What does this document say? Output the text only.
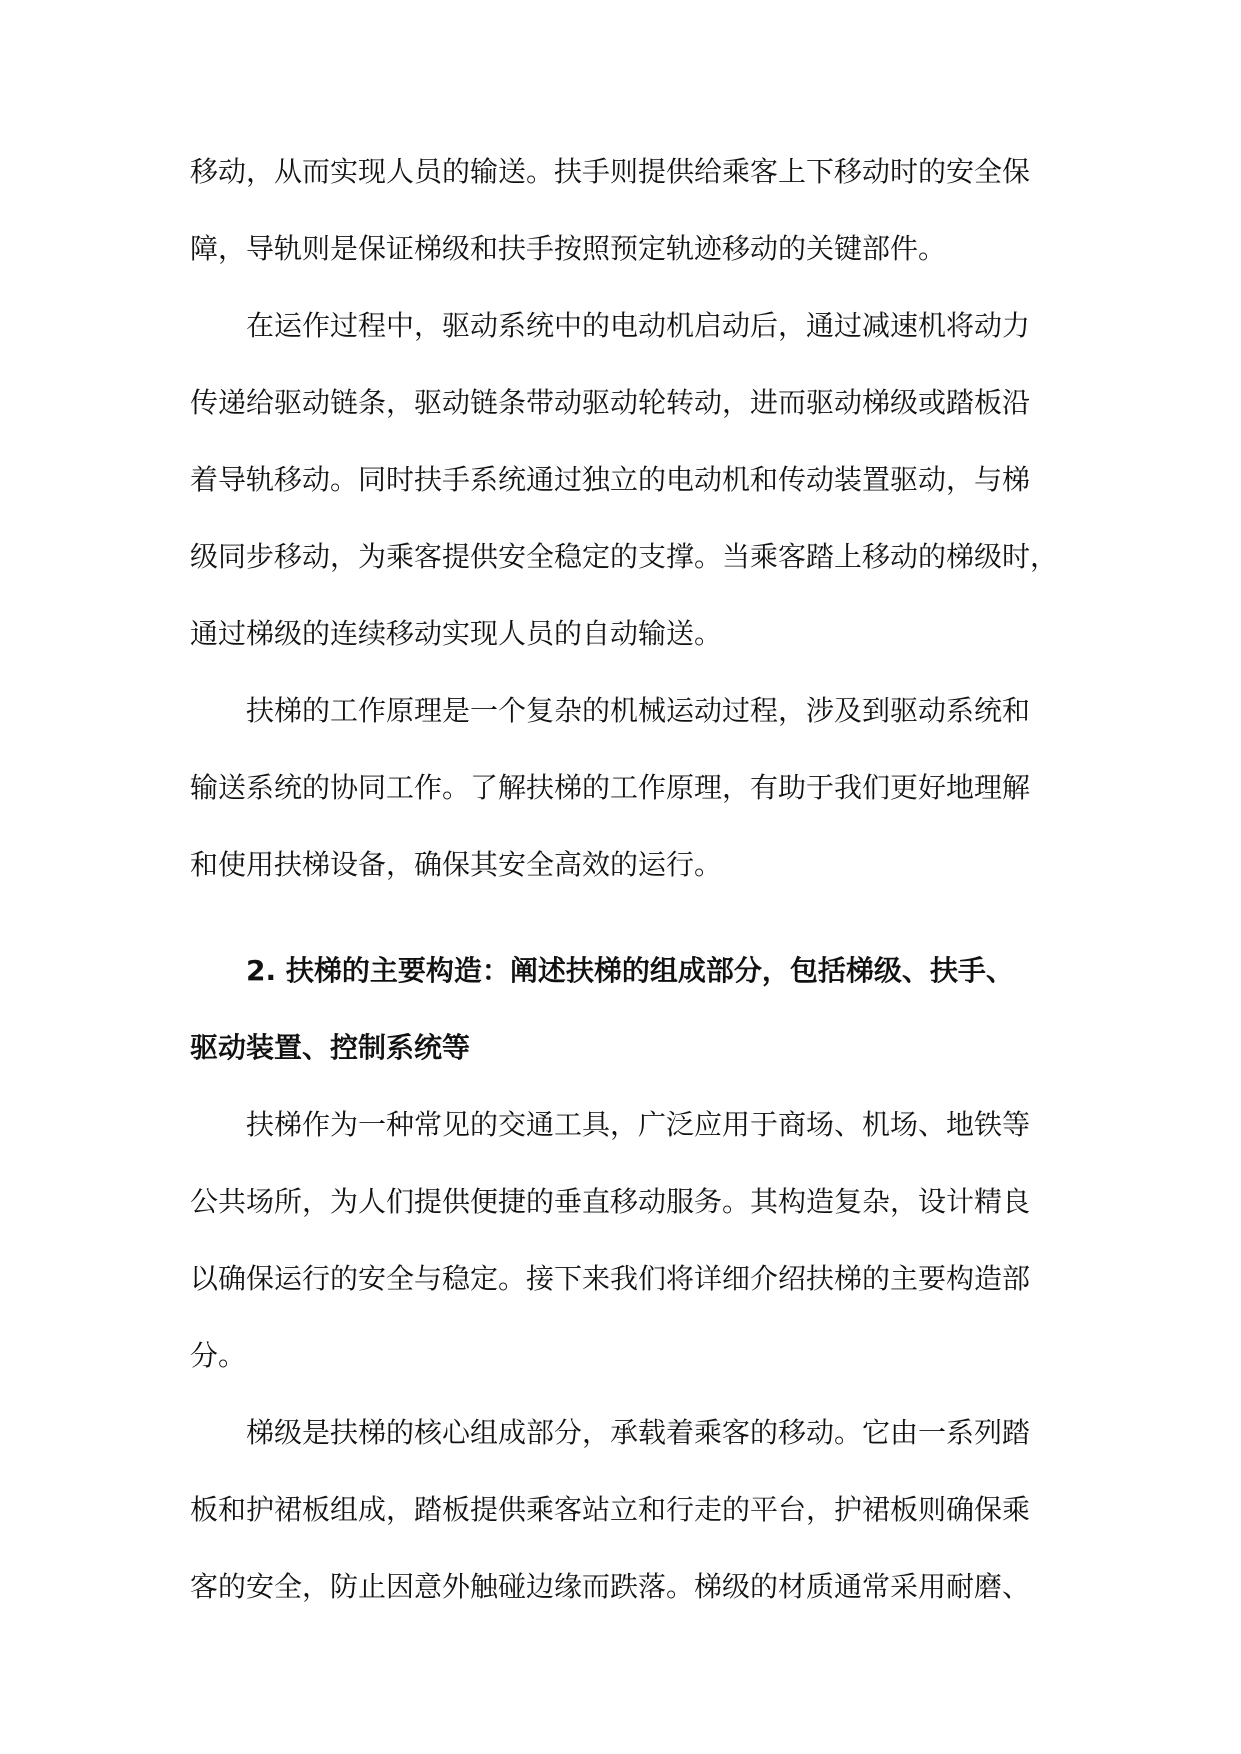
移动，从而实现人员的输送。扶手则提供给乘客上下移动时的安全保
障，导轨则是保证梯级和扶手按照预定轨迹移动的关键部件。
在运作过程中，驱动系统中的电动机启动后，通过减速机将动力
传递给驱动链条，驱动链条带动驱动轮转动，进而驱动梯级或踏板沿
着导轨移动。同时扶手系统通过独立的电动机和传动装置驱动，与梯
级同步移动，为乘客提供安全稳定的支撑。当乘客踏上移动的梯级时，
通过梯级的连续移动实现人员的自动输送。
扶梯的工作原理是一个复杂的机械运动过程，涉及到驱动系统和
输送系统的协同工作。了解扶梯的工作原理，有助于我们更好地理解
和使用扶梯设备，确保其安全高效的运行。
2. 扶梯的主要构造：阐述扶梯的组成部分，包括梯级、扶手、
驱动装置、控制系统等
扶梯作为一种常见的交通工具，广泛应用于商场、机场、地铁等
公共场所，为人们提供便捷的垂直移动服务。其构造复杂，设计精良
以确保运行的安全与稳定。接下来我们将详细介绍扶梯的主要构造部
分。
梯级是扶梯的核心组成部分，承载着乘客的移动。它由一系列踏
板和护裙板组成，踏板提供乘客站立和行走的平台，护裙板则确保乘
客的安全，防止因意外触碰边缘而跌落。梯级的材质通常采用耐磨、
